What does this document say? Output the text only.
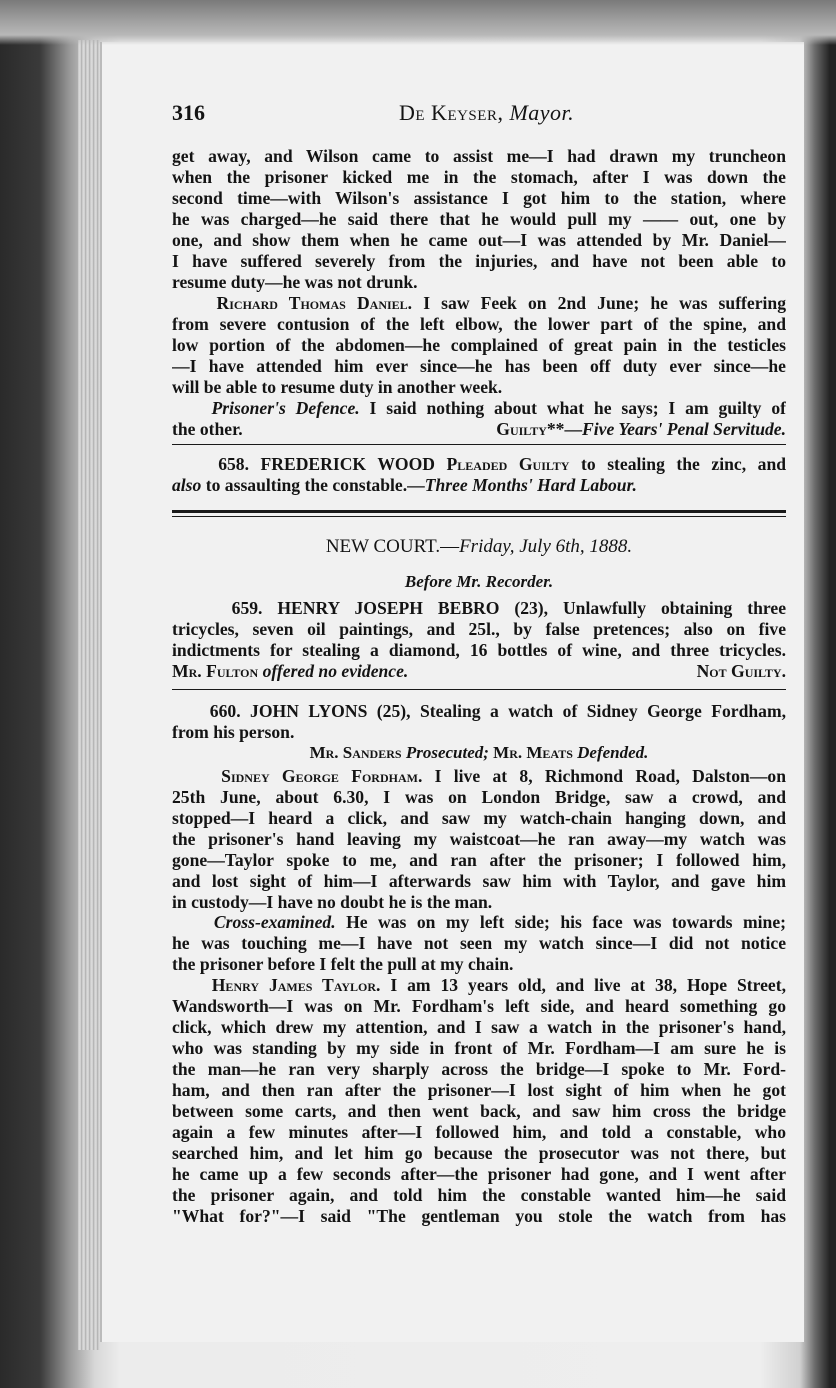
316	De Keyser, Mayor.
get away, and Wilson came to assist me—I had drawn my truncheon
when the prisoner kicked me in the stomach, after I was down the
second time—with Wilson's assistance I got him to the station, where
he was charged—he said there that he would pull my —— out, one by
one, and show them when he came out—I was attended by Mr. Daniel—
I have suffered severely from the injuries, and have not been able to
resume duty—he was not drunk.
Richard Thomas Daniel. I saw Feek on 2nd June; he was suffering
from severe contusion of the left elbow, the lower part of the spine, and
low portion of the abdomen—he complained of great pain in the testicles
—I have attended him ever since—he has been off duty ever since—he
will be able to resume duty in another week.
Prisoner's Defence. I said nothing about what he says; I am guilty of
the other.	Guilty**—Five Years' Penal Servitude.
658. FREDERICK WOOD Pleaded Guilty to stealing the zinc, and
also to assaulting the constable.—Three Months' Hard Labour.
NEW COURT.—Friday, July 6th, 1888.
Before Mr. Recorder.
659. HENRY JOSEPH BEBRO (23), Unlawfully obtaining three
tricycles, seven oil paintings, and 25l., by false pretences; also on five
indictments for stealing a diamond, 16 bottles of wine, and three tricycles.
Mr. Fulton offered no evidence.	Not Guilty.
660. JOHN LYONS (25), Stealing a watch of Sidney George Fordham,
from his person.
Mr. Sanders Prosecuted; Mr. Meats Defended.
Sidney George Fordham. I live at 8, Richmond Road, Dalston—on
25th June, about 6.30, I was on London Bridge, saw a crowd, and
stopped—I heard a click, and saw my watch-chain hanging down, and
the prisoner's hand leaving my waistcoat—he ran away—my watch was
gone—Taylor spoke to me, and ran after the prisoner; I followed him,
and lost sight of him—I afterwards saw him with Taylor, and gave him
in custody—I have no doubt he is the man.
Cross-examined. He was on my left side; his face was towards mine;
he was touching me—I have not seen my watch since—I did not notice
the prisoner before I felt the pull at my chain.
Henry James Taylor. I am 13 years old, and live at 38, Hope Street,
Wandsworth—I was on Mr. Fordham's left side, and heard something go
click, which drew my attention, and I saw a watch in the prisoner's hand,
who was standing by my side in front of Mr. Fordham—I am sure he is
the man—he ran very sharply across the bridge—I spoke to Mr. Ford-
ham, and then ran after the prisoner—I lost sight of him when he got
between some carts, and then went back, and saw him cross the bridge
again a few minutes after—I followed him, and told a constable, who
searched him, and let him go because the prosecutor was not there, but
he came up a few seconds after—the prisoner had gone, and I went after
the prisoner again, and told him the constable wanted him—he said
"What for?"—I said "The gentleman you stole the watch from has
